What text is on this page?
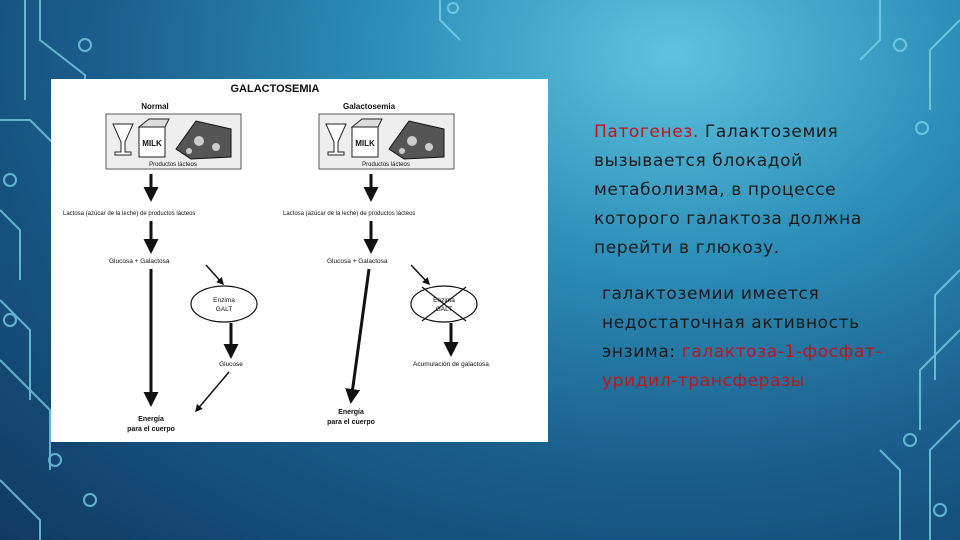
GALACTOSEMIA
Normal
MILK
Productos lácteos
Lactosa (azúcar de la leche) de productos lácteos
Glucosa + Galactosa
Enzima
GALT
Glucose
Energía
para el cuerpo
Galactosemia
MILK
Productos lácteos
Lactosa (azúcar de la leche) de productos lácteos
Glucosa + Galactosa
Enzima
GALT
Acumulación de galactosa
Energía
para el cuerpo
Патогенез. Галактоземия вызывается блокадой метаболизма, в процессе которого галактоза должна перейти в глюкозу.
галактоземии имеется недостаточная активность энзима: галактоза-1-фосфат-уридил-трансферазы
